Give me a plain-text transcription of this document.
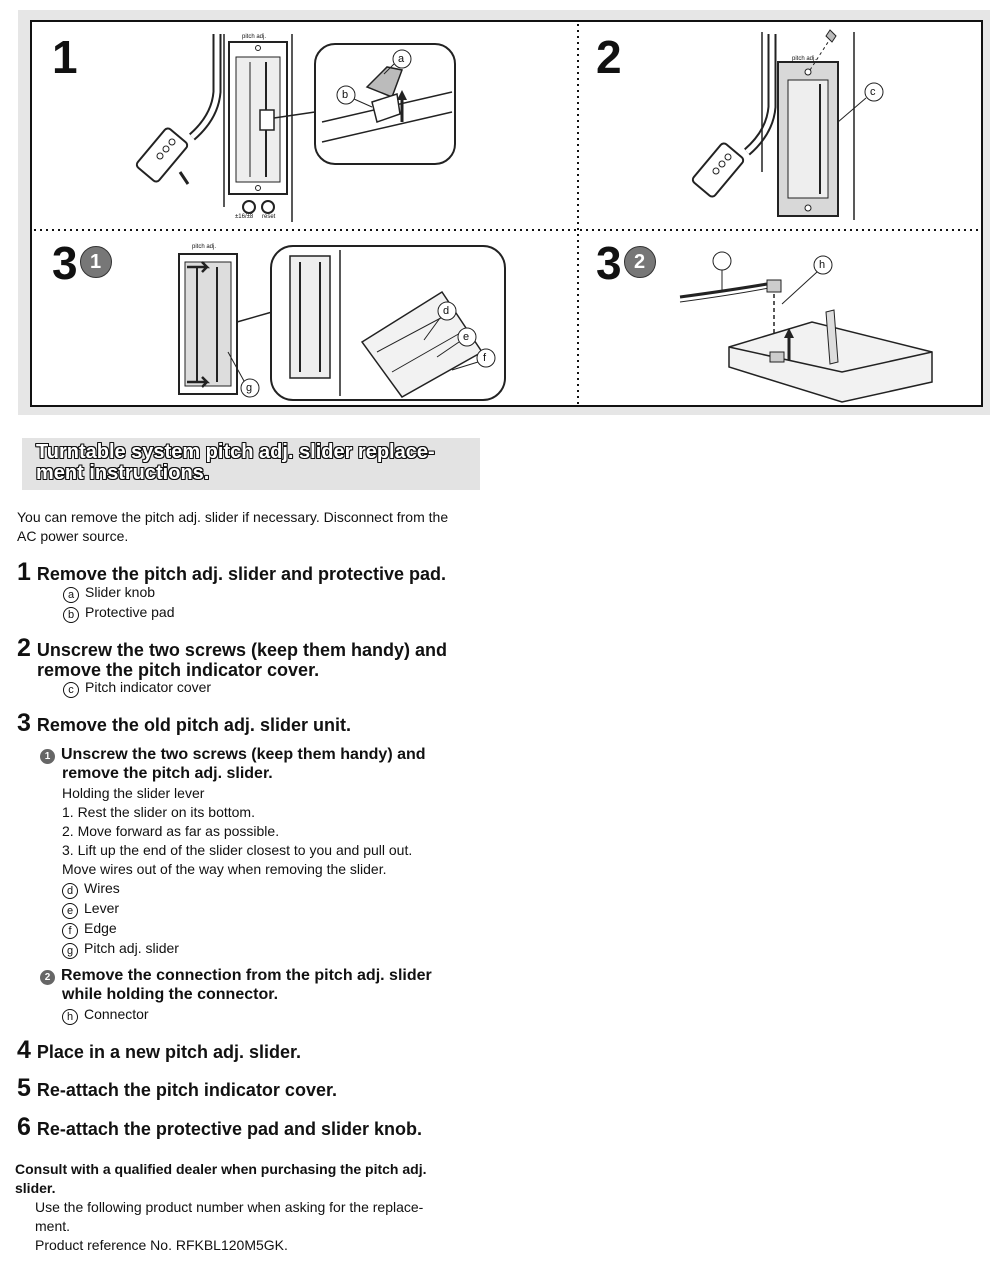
1	2
3 1	3 2
pitch adj.
pitch adj.
pitch adj.
±16/±8 reset
a
b	c
d
e
f
g
h
Turntable system pitch adj. slider replace-
ment instructions.
You can remove the pitch adj. slider if necessary. Disconnect from the
AC power source.
1 Remove the pitch adj. slider and protective pad.
a Slider knob
b Protective pad
2 Unscrew the two screws (keep them handy) and
remove the pitch indicator cover.
c Pitch indicator cover
3 Remove the old pitch adj. slider unit.
1 Unscrew the two screws (keep them handy) and
remove the pitch adj. slider.
Holding the slider lever
1. Rest the slider on its bottom.
2. Move forward as far as possible.
3. Lift up the end of the slider closest to you and pull out.
Move wires out of the way when removing the slider.
d Wires
e Lever
f Edge
g Pitch adj. slider
2 Remove the connection from the pitch adj. slider
while holding the connector.
h Connector
4 Place in a new pitch adj. slider.
5 Re-attach the pitch indicator cover.
6 Re-attach the protective pad and slider knob.
Consult with a qualified dealer when purchasing the pitch adj.
slider.
Use the following product number when asking for the replace-
ment.
Product reference No. RFKBL120M5GK.
